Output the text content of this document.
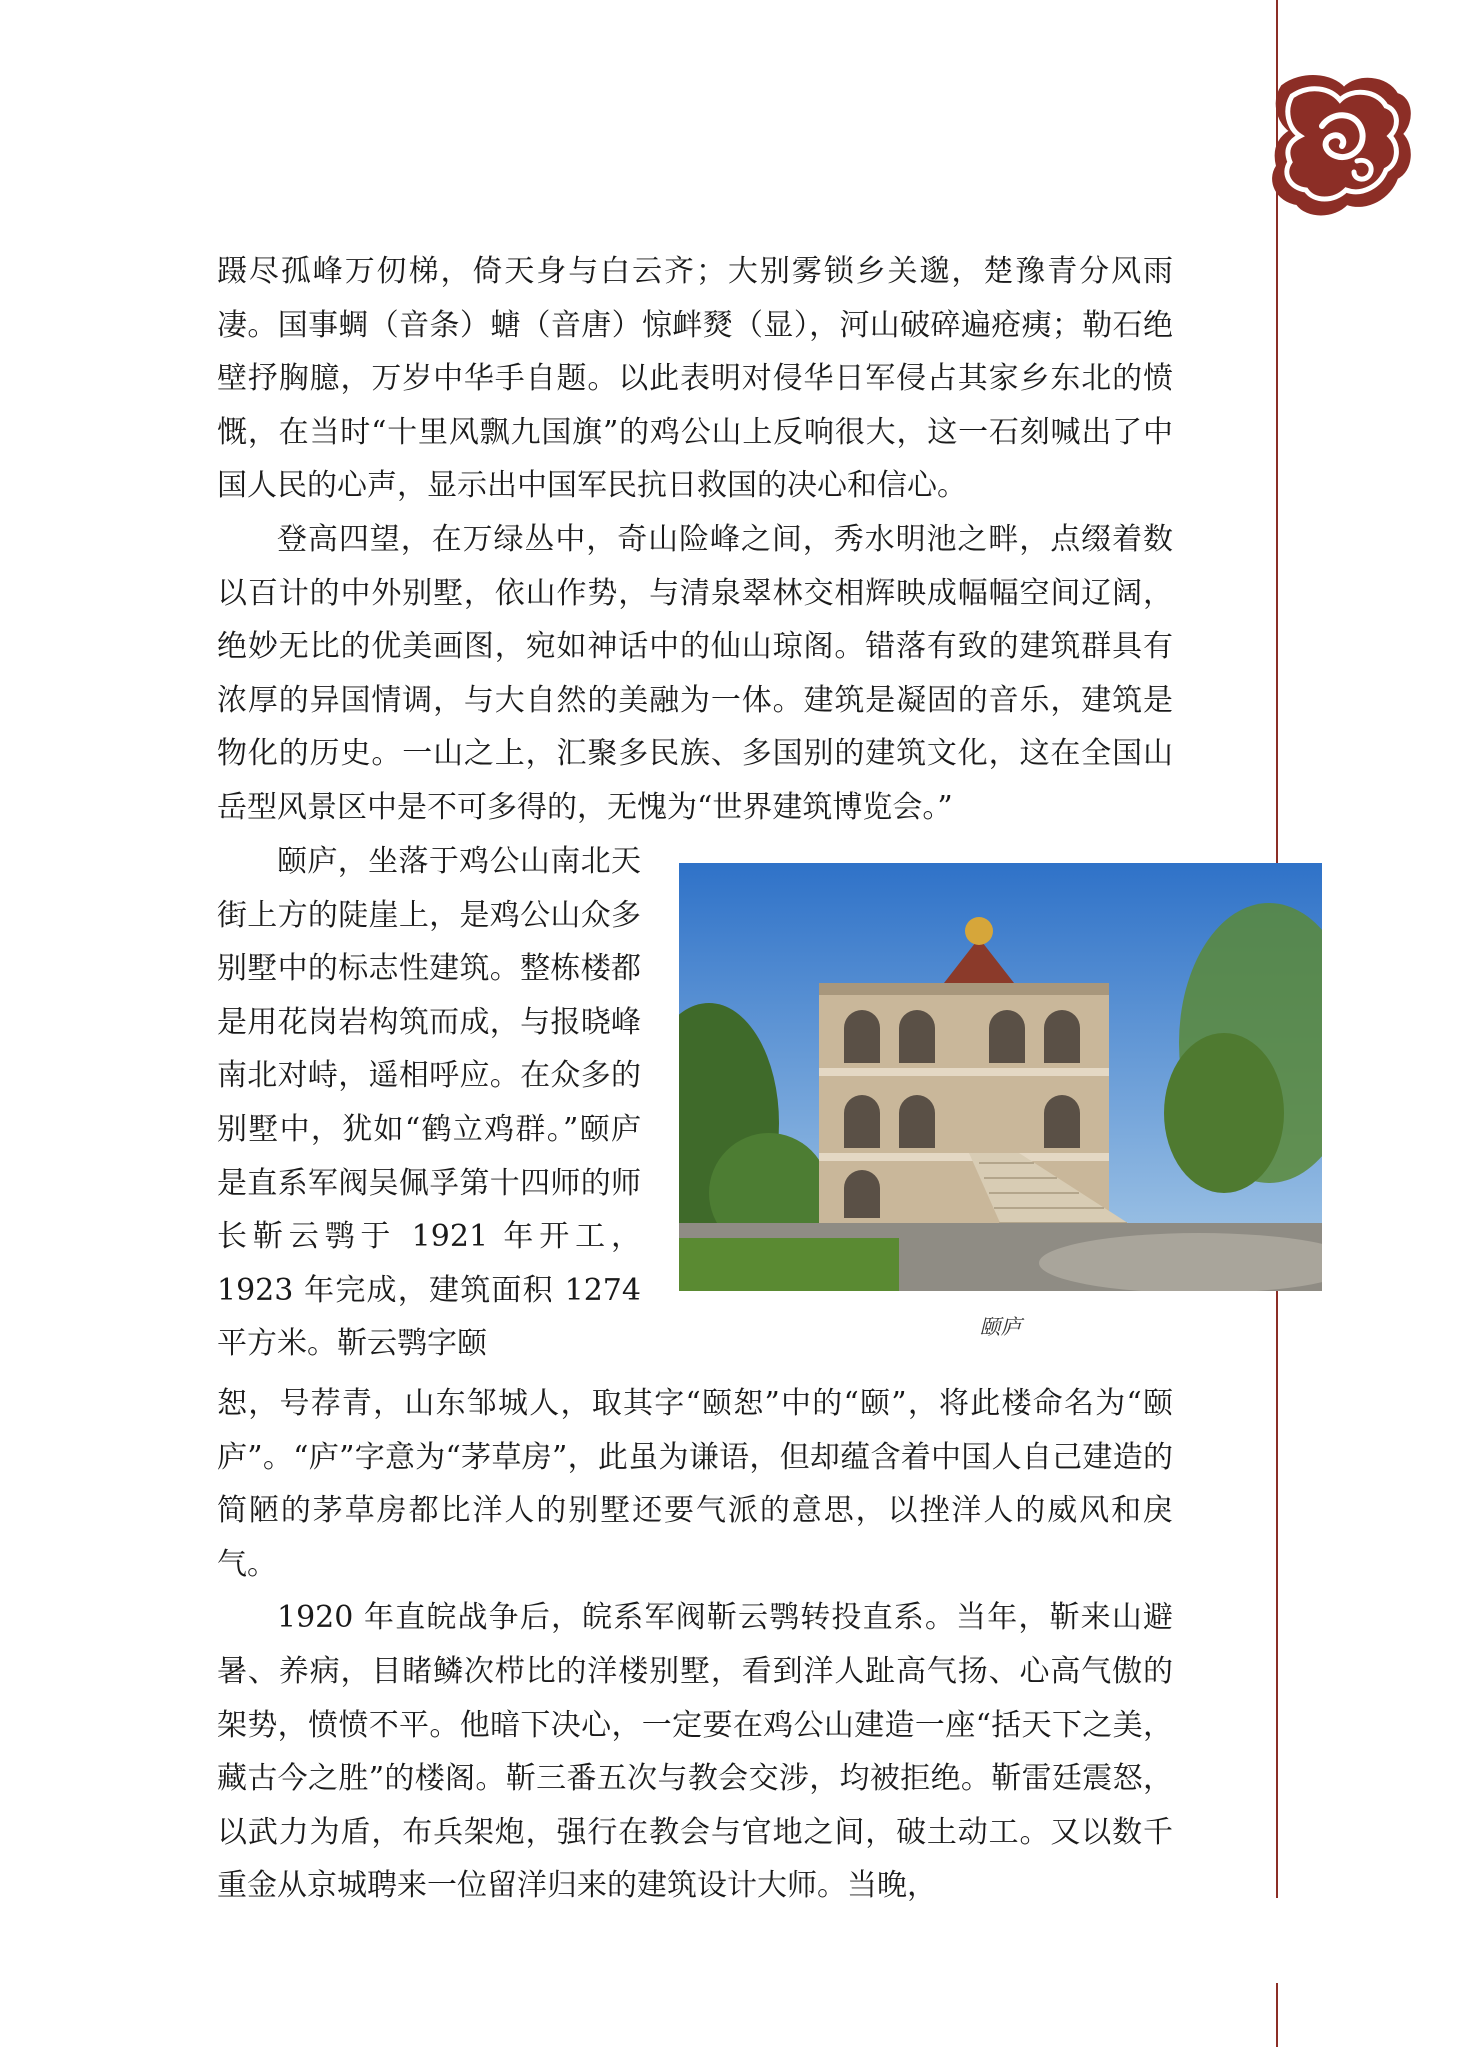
蹑尽孤峰万仞梯，倚天身与白云齐；大别雾锁乡关邈，楚豫青分风雨凄。国事蜩（音条）螗（音唐）惊衅燹（显），河山破碎遍疮痍；勒石绝壁抒胸臆，万岁中华手自题。以此表明对侵华日军侵占其家乡东北的愤慨，在当时“十里风飘九国旗”的鸡公山上反响很大，这一石刻喊出了中国人民的心声，显示出中国军民抗日救国的决心和信心。

登高四望，在万绿丛中，奇山险峰之间，秀水明池之畔，点缀着数以百计的中外别墅，依山作势，与清泉翠林交相辉映成幅幅空间辽阔，绝妙无比的优美画图，宛如神话中的仙山琼阁。错落有致的建筑群具有浓厚的异国情调，与大自然的美融为一体。建筑是凝固的音乐，建筑是物化的历史。一山之上，汇聚多民族、多国别的建筑文化，这在全国山岳型风景区中是不可多得的，无愧为“世界建筑博览会。”

颐庐，坐落于鸡公山南北天街上方的陡崖上，是鸡公山众多别墅中的标志性建筑。整栋楼都是用花岗岩构筑而成，与报晓峰南北对峙，遥相呼应。在众多的别墅中，犹如“鹤立鸡群。”颐庐是直系军阀吴佩孚第十四师的师长靳云鹗于 1921 年开工，1923 年完成，建筑面积 1274 平方米。靳云鹗字颐	颐庐

恕，号荐青，山东邹城人，取其字“颐恕”中的“颐”，将此楼命名为“颐庐”。“庐”字意为“茅草房”，此虽为谦语，但却蕴含着中国人自己建造的简陋的茅草房都比洋人的别墅还要气派的意思，以挫洋人的威风和戾气。

1920 年直皖战争后，皖系军阀靳云鹗转投直系。当年，靳来山避暑、养病，目睹鳞次栉比的洋楼别墅，看到洋人趾高气扬、心高气傲的架势，愤愤不平。他暗下决心，一定要在鸡公山建造一座“括天下之美，藏古今之胜”的楼阁。靳三番五次与教会交涉，均被拒绝。靳雷廷震怒，以武力为盾，布兵架炮，强行在教会与官地之间，破土动工。又以数千重金从京城聘来一位留洋归来的建筑设计大师。当晚，
